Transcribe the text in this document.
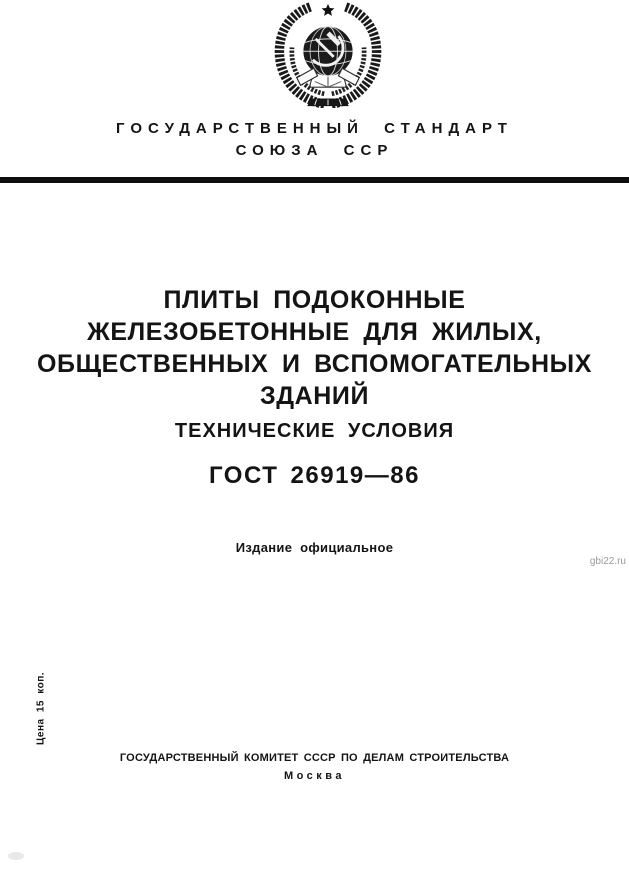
ГОСУДАРСТВЕННЫЙ СТАНДАРТ
СОЮЗА ССР
ПЛИТЫ ПОДОКОННЫЕ
ЖЕЛЕЗОБЕТОННЫЕ ДЛЯ ЖИЛЫХ,
ОБЩЕСТВЕННЫХ И ВСПОМОГАТЕЛЬНЫХ
ЗДАНИЙ
ТЕХНИЧЕСКИЕ УСЛОВИЯ
ГОСТ 26919—86
Издание официальное
gbi22.ru
Цена 15 коп.
ГОСУДАРСТВЕННЫЙ КОМИТЕТ СССР ПО ДЕЛАМ СТРОИТЕЛЬСТВА
Москва
